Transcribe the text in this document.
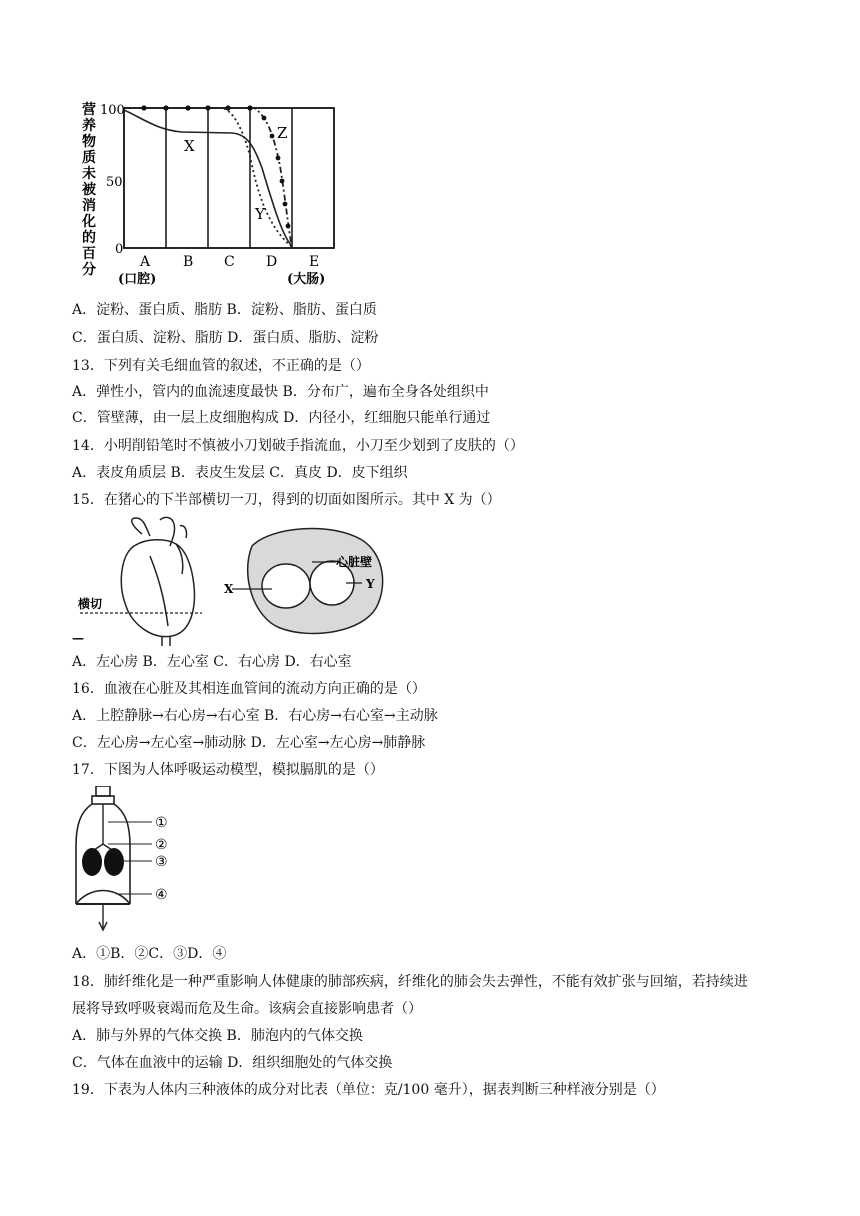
营
养
物
质
未
被
消
化
的
百
分
100
50
0
X
Y
Z
A B C D E
(口腔)	(大肠)
A．淀粉、蛋白质、脂肪 B．淀粉、脂肪、蛋白质
C．蛋白质、淀粉、脂肪 D．蛋白质、脂肪、淀粉
13．下列有关毛细血管的叙述，不正确的是（）
A．弹性小，管内的血流速度最快 B．分布广，遍布全身各处组织中
C．管壁薄，由一层上皮细胞构成 D．内径小，红细胞只能单行通过
14．小明削铅笔时不慎被小刀划破手指流血，小刀至少划到了皮肤的（）
A．表皮角质层 B．表皮生发层 C．真皮 D．皮下组织
15．在猪心的下半部横切一刀，得到的切面如图所示。其中 X 为（）
横切
—
X	Y
心脏壁
A．左心房 B．左心室 C．右心房 D．右心室
16．血液在心脏及其相连血管间的流动方向正确的是（）
A．上腔静脉→右心房→右心室 B．右心房→右心室→主动脉
C．左心房→左心室→肺动脉 D．左心室→左心房→肺静脉
17．下图为人体呼吸运动模型，模拟膈肌的是（）
①
②
③
④
A．①B．②C．③D．④
18．肺纤维化是一种严重影响人体健康的肺部疾病，纤维化的肺会失去弹性，不能有效扩张与回缩，若持续进
展将导致呼吸衰竭而危及生命。该病会直接影响患者（）
A．肺与外界的气体交换 B．肺泡内的气体交换
C．气体在血液中的运输 D．组织细胞处的气体交换
19．下表为人体内三种液体的成分对比表（单位：克/100 毫升），据表判断三种样液分别是（）
